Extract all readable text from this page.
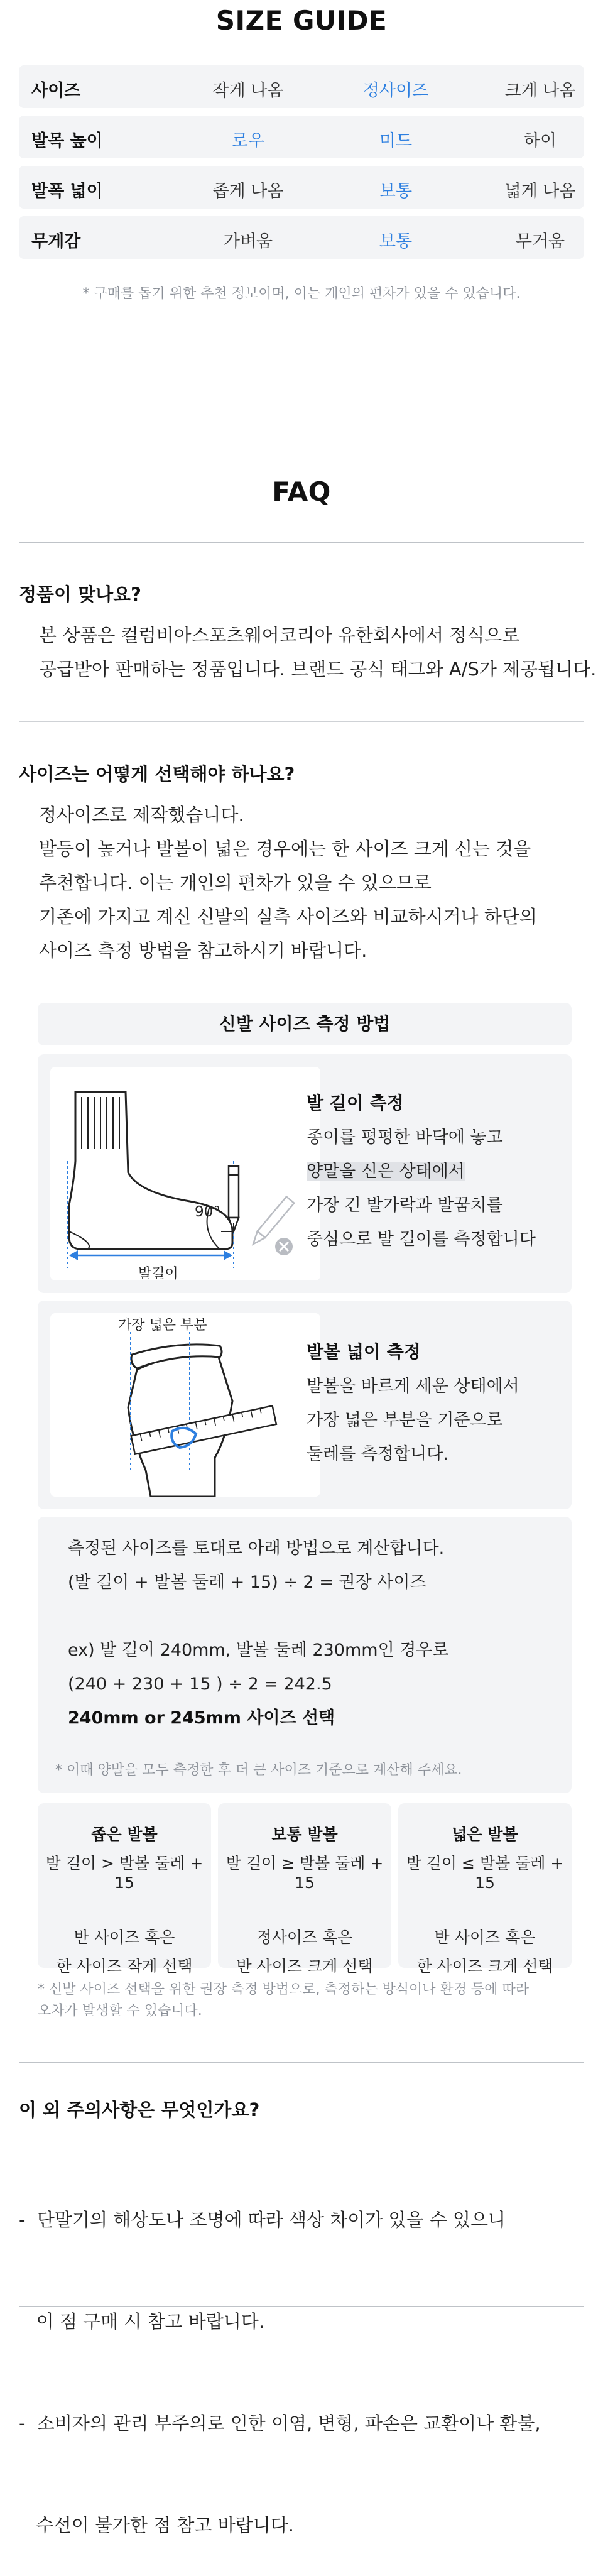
SIZE GUIDE
사이즈	작게 나옴	정사이즈	크게 나옴
발목 높이	로우	미드	하이
발폭 넓이	좁게 나옴	보통	넓게 나옴
무게감	가벼움	보통	무거움
* 구매를 돕기 위한 추천 정보이며, 이는 개인의 편차가 있을 수 있습니다.
FAQ
정품이 맞나요?
본 상품은 컬럼비아스포츠웨어코리아 유한회사에서 정식으로
공급받아 판매하는 정품입니다. 브랜드 공식 태그와 A/S가 제공됩니다.
사이즈는 어떻게 선택해야 하나요?
정사이즈로 제작했습니다.
발등이 높거나 발볼이 넓은 경우에는 한 사이즈 크게 신는 것을
추천합니다. 이는 개인의 편차가 있을 수 있으므로
기존에 가지고 계신 신발의 실측 사이즈와 비교하시거나 하단의
사이즈 측정 방법을 참고하시기 바랍니다.
신발 사이즈 측정 방법
90°
발길이
발 길이 측정
종이를 평평한 바닥에 놓고
양말을 신은 상태에서
가장 긴 발가락과 발꿈치를
중심으로 발 길이를 측정합니다
가장 넓은 부분
발볼 넓이 측정
발볼을 바르게 세운 상태에서
가장 넓은 부분을 기준으로
둘레를 측정합니다.
측정된 사이즈를 토대로 아래 방법으로 계산합니다.
(발 길이 + 발볼 둘레 + 15) ÷ 2 = 권장 사이즈
ex) 발 길이 240mm, 발볼 둘레 230mm인 경우로
(240 + 230 + 15 ) ÷ 2 = 242.5
240mm or 245mm 사이즈 선택
* 이때 양발을 모두 측정한 후 더 큰 사이즈 기준으로 계산해 주세요.
좁은 발볼
발 길이 > 발볼 둘레 + 15
반 사이즈 혹은
한 사이즈 작게 선택
보통 발볼
발 길이 ≥ 발볼 둘레 + 15
정사이즈 혹은
반 사이즈 크게 선택
넓은 발볼
발 길이 ≤ 발볼 둘레 + 15
반 사이즈 혹은
한 사이즈 크게 선택
* 신발 사이즈 선택을 위한 권장 측정 방법으로, 측정하는 방식이나 환경 등에 따라
오차가 발생할 수 있습니다.
이 외 주의사항은 무엇인가요?

-  단말기의 해상도나 조명에 따라 색상 차이가 있을 수 있으니

이 점 구매 시 참고 바랍니다.

-  소비자의 관리 부주의로 인한 이염, 변형, 파손은 교환이나 환불,

수선이 불가한 점 참고 바랍니다.
